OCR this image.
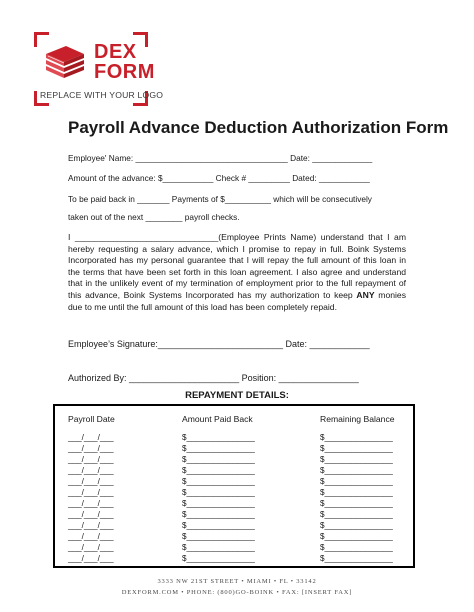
DEX
FORM
REPLACE WITH YOUR LOGO
Payroll Advance Deduction Authorization Form
Employee' Name: _________________________________ Date: _____________
Amount of the advance: $___________ Check # _________ Dated: ___________
To be paid back in _______ Payments of $__________ which will be consecutively
taken out of the next ________ payroll checks.
I ______________________________(Employee Prints Name) understand that I am hereby requesting a salary advance, which I promise to repay in full. Boink Systems Incorporated has my personal guarantee that I will repay the full amount of this loan in the terms that have been set forth in this loan agreement. I also agree and understand that in the unlikely event of my termination of employment prior to the full repayment of this advance, Boink Systems Incorporated has my authorization to keep ANY monies due to me until the full amount of this load has been completely repaid.
Employee’s Signature:_________________________ Date: ____________
Authorized By: ______________________ Position: ________________
REPAYMENT DETAILS:
Payroll Date	Amount Paid Back	Remaining Balance
___/___/___	$_______________	$_______________
___/___/___	$_______________	$_______________
___/___/___	$_______________	$_______________
___/___/___	$_______________	$_______________
___/___/___	$_______________	$_______________
___/___/___	$_______________	$_______________
___/___/___	$_______________	$_______________
___/___/___	$_______________	$_______________
___/___/___	$_______________	$_______________
___/___/___	$_______________	$_______________
___/___/___	$_______________	$_______________
___/___/___	$_______________	$_______________
3333 NW 21ST STREET • MIAMI • FL • 33142
DEXFORM.COM • PHONE: (800)GO-BOINK • FAX: [INSERT FAX]
